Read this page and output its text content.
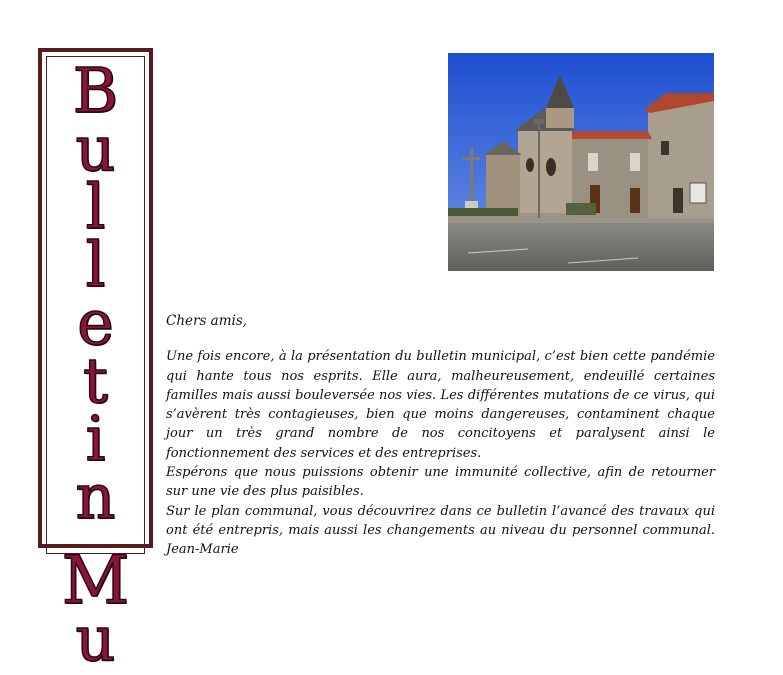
B
u
l
l
e
t
i
n
M
u

Chers amis,

Une fois encore, à la présentation du bulletin municipal, c’est bien cette pandémie qui hante tous nos esprits. Elle aura, malheureusement, endeuillé certaines familles mais aussi bouleversée nos vies. Les différentes mutations de ce virus, qui s’avèrent très contagieuses, bien que moins dangereuses, contaminent chaque jour un très grand nombre de nos concitoyens et paralysent ainsi le fonctionnement des services et des entreprises.

Espérons que nous puissions obtenir une immunité collective, afin de retourner sur une vie des plus paisibles.

Sur le plan communal, vous découvrirez dans ce bulletin l’avancé des travaux qui ont été entrepris, mais aussi les changements au niveau du personnel communal. Jean-Marie
